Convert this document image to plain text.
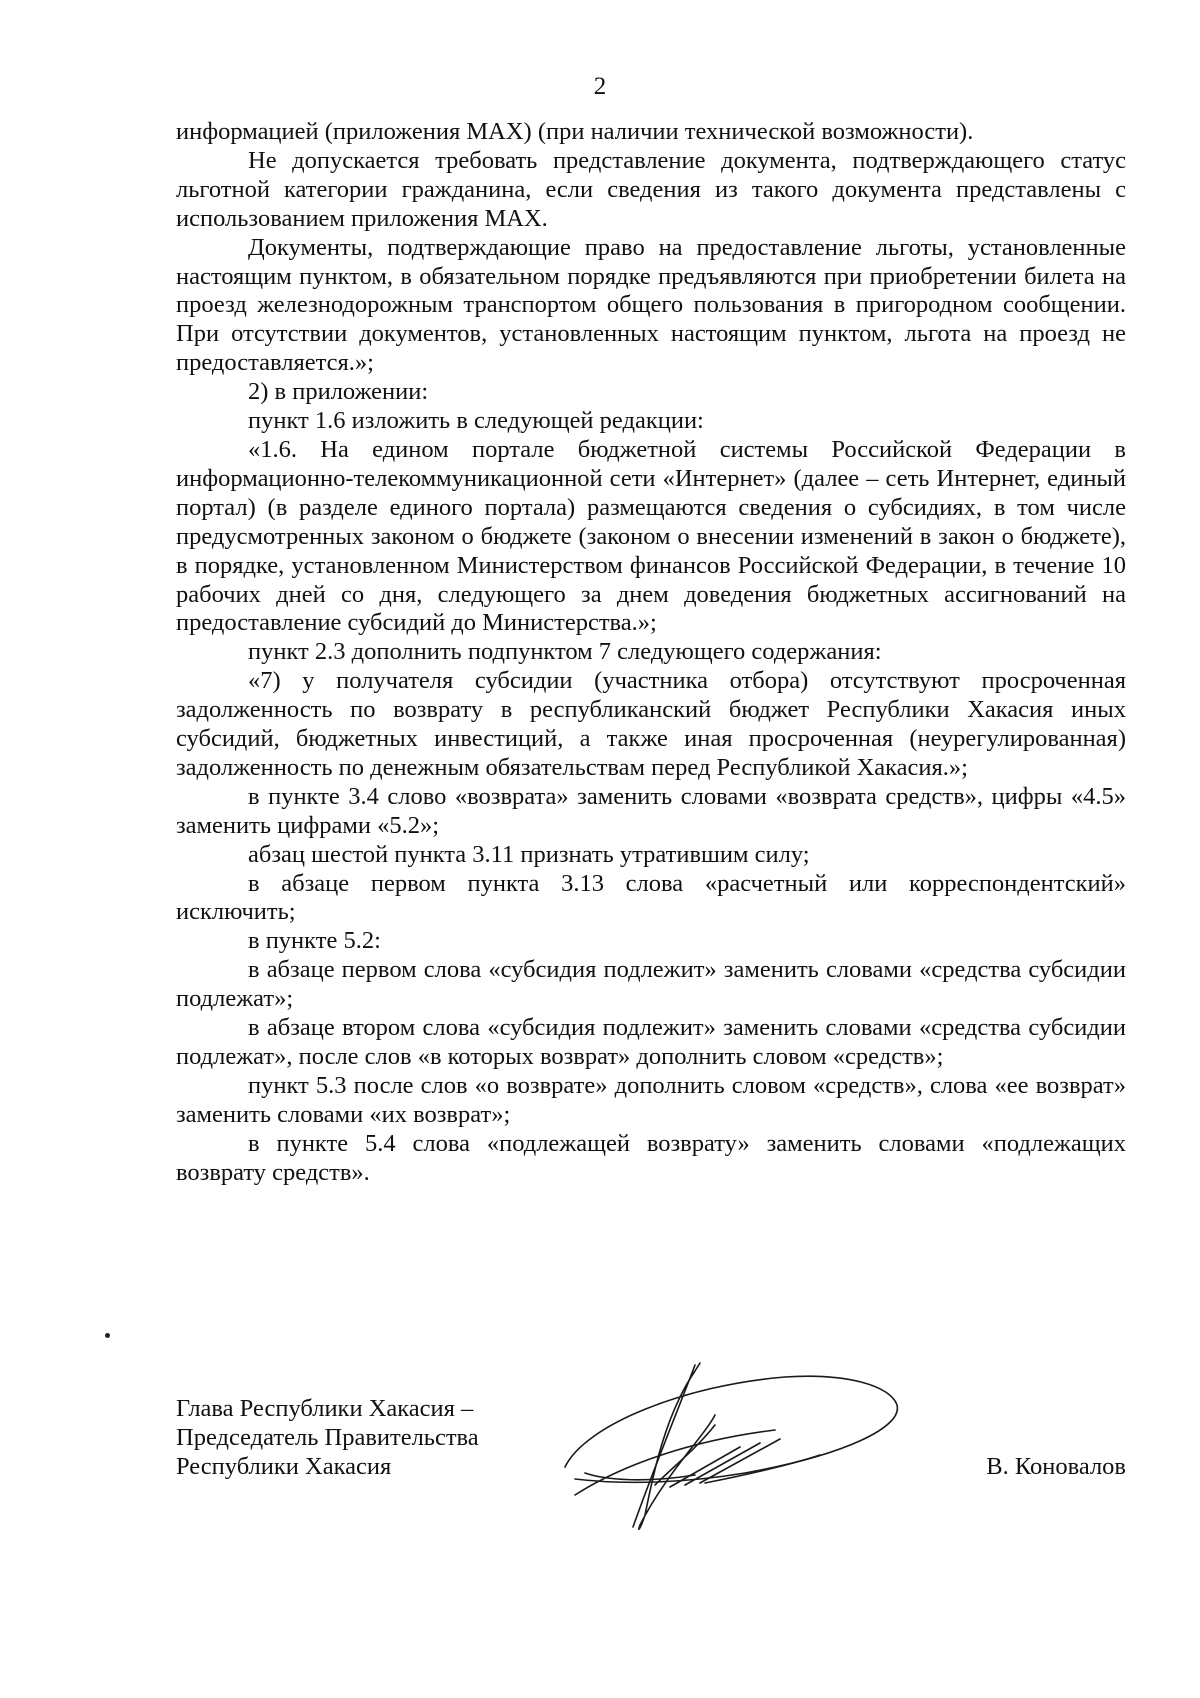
2

информацией (приложения MAX) (при наличии технической возможности).

Не допускается требовать представление документа, подтверждающего статус льготной категории гражданина, если сведения из такого документа представлены с использованием приложения MAX.

Документы, подтверждающие право на предоставление льготы, установленные настоящим пунктом, в обязательном порядке предъявляются при приобретении билета на проезд железнодорожным транспортом общего пользования в пригородном сообщении. При отсутствии документов, установленных настоящим пунктом, льгота на проезд не предоставляется.»;

2) в приложении:

пункт 1.6 изложить в следующей редакции:

«1.6. На едином портале бюджетной системы Российской Федерации в информационно-телекоммуникационной сети «Интернет» (далее – сеть Интернет, единый портал) (в разделе единого портала) размещаются сведения о субсидиях, в том числе предусмотренных законом о бюджете (законом о внесении изменений в закон о бюджете), в порядке, установленном Министерством финансов Российской Федерации, в течение 10 рабочих дней со дня, следующего за днем доведения бюджетных ассигнований на предоставление субсидий до Министерства.»;

пункт 2.3 дополнить подпунктом 7 следующего содержания:

«7) у получателя субсидии (участника отбора) отсутствуют просроченная задолженность по возврату в республиканский бюджет Республики Хакасия иных субсидий, бюджетных инвестиций, а также иная просроченная (неурегулированная) задолженность по денежным обязательствам перед Республикой Хакасия.»;

в пункте 3.4 слово «возврата» заменить словами «возврата средств», цифры «4.5» заменить цифрами «5.2»;

абзац шестой пункта 3.11 признать утратившим силу;

в абзаце первом пункта 3.13 слова «расчетный или корреспондентский» исключить;

в пункте 5.2:

в абзаце первом слова «субсидия подлежит» заменить словами «средства субсидии подлежат»;

в абзаце втором слова «субсидия подлежит» заменить словами «средства субсидии подлежат», после слов «в которых возврат» дополнить словом «средств»;

пункт 5.3 после слов «о возврате» дополнить словом «средств», слова «ее возврат» заменить словами «их возврат»;

в пункте 5.4 слова «подлежащей возврату» заменить словами «подлежащих возврату средств».

Глава Республики Хакасия –
Председатель Правительства
Республики Хакасия	В. Коновалов
